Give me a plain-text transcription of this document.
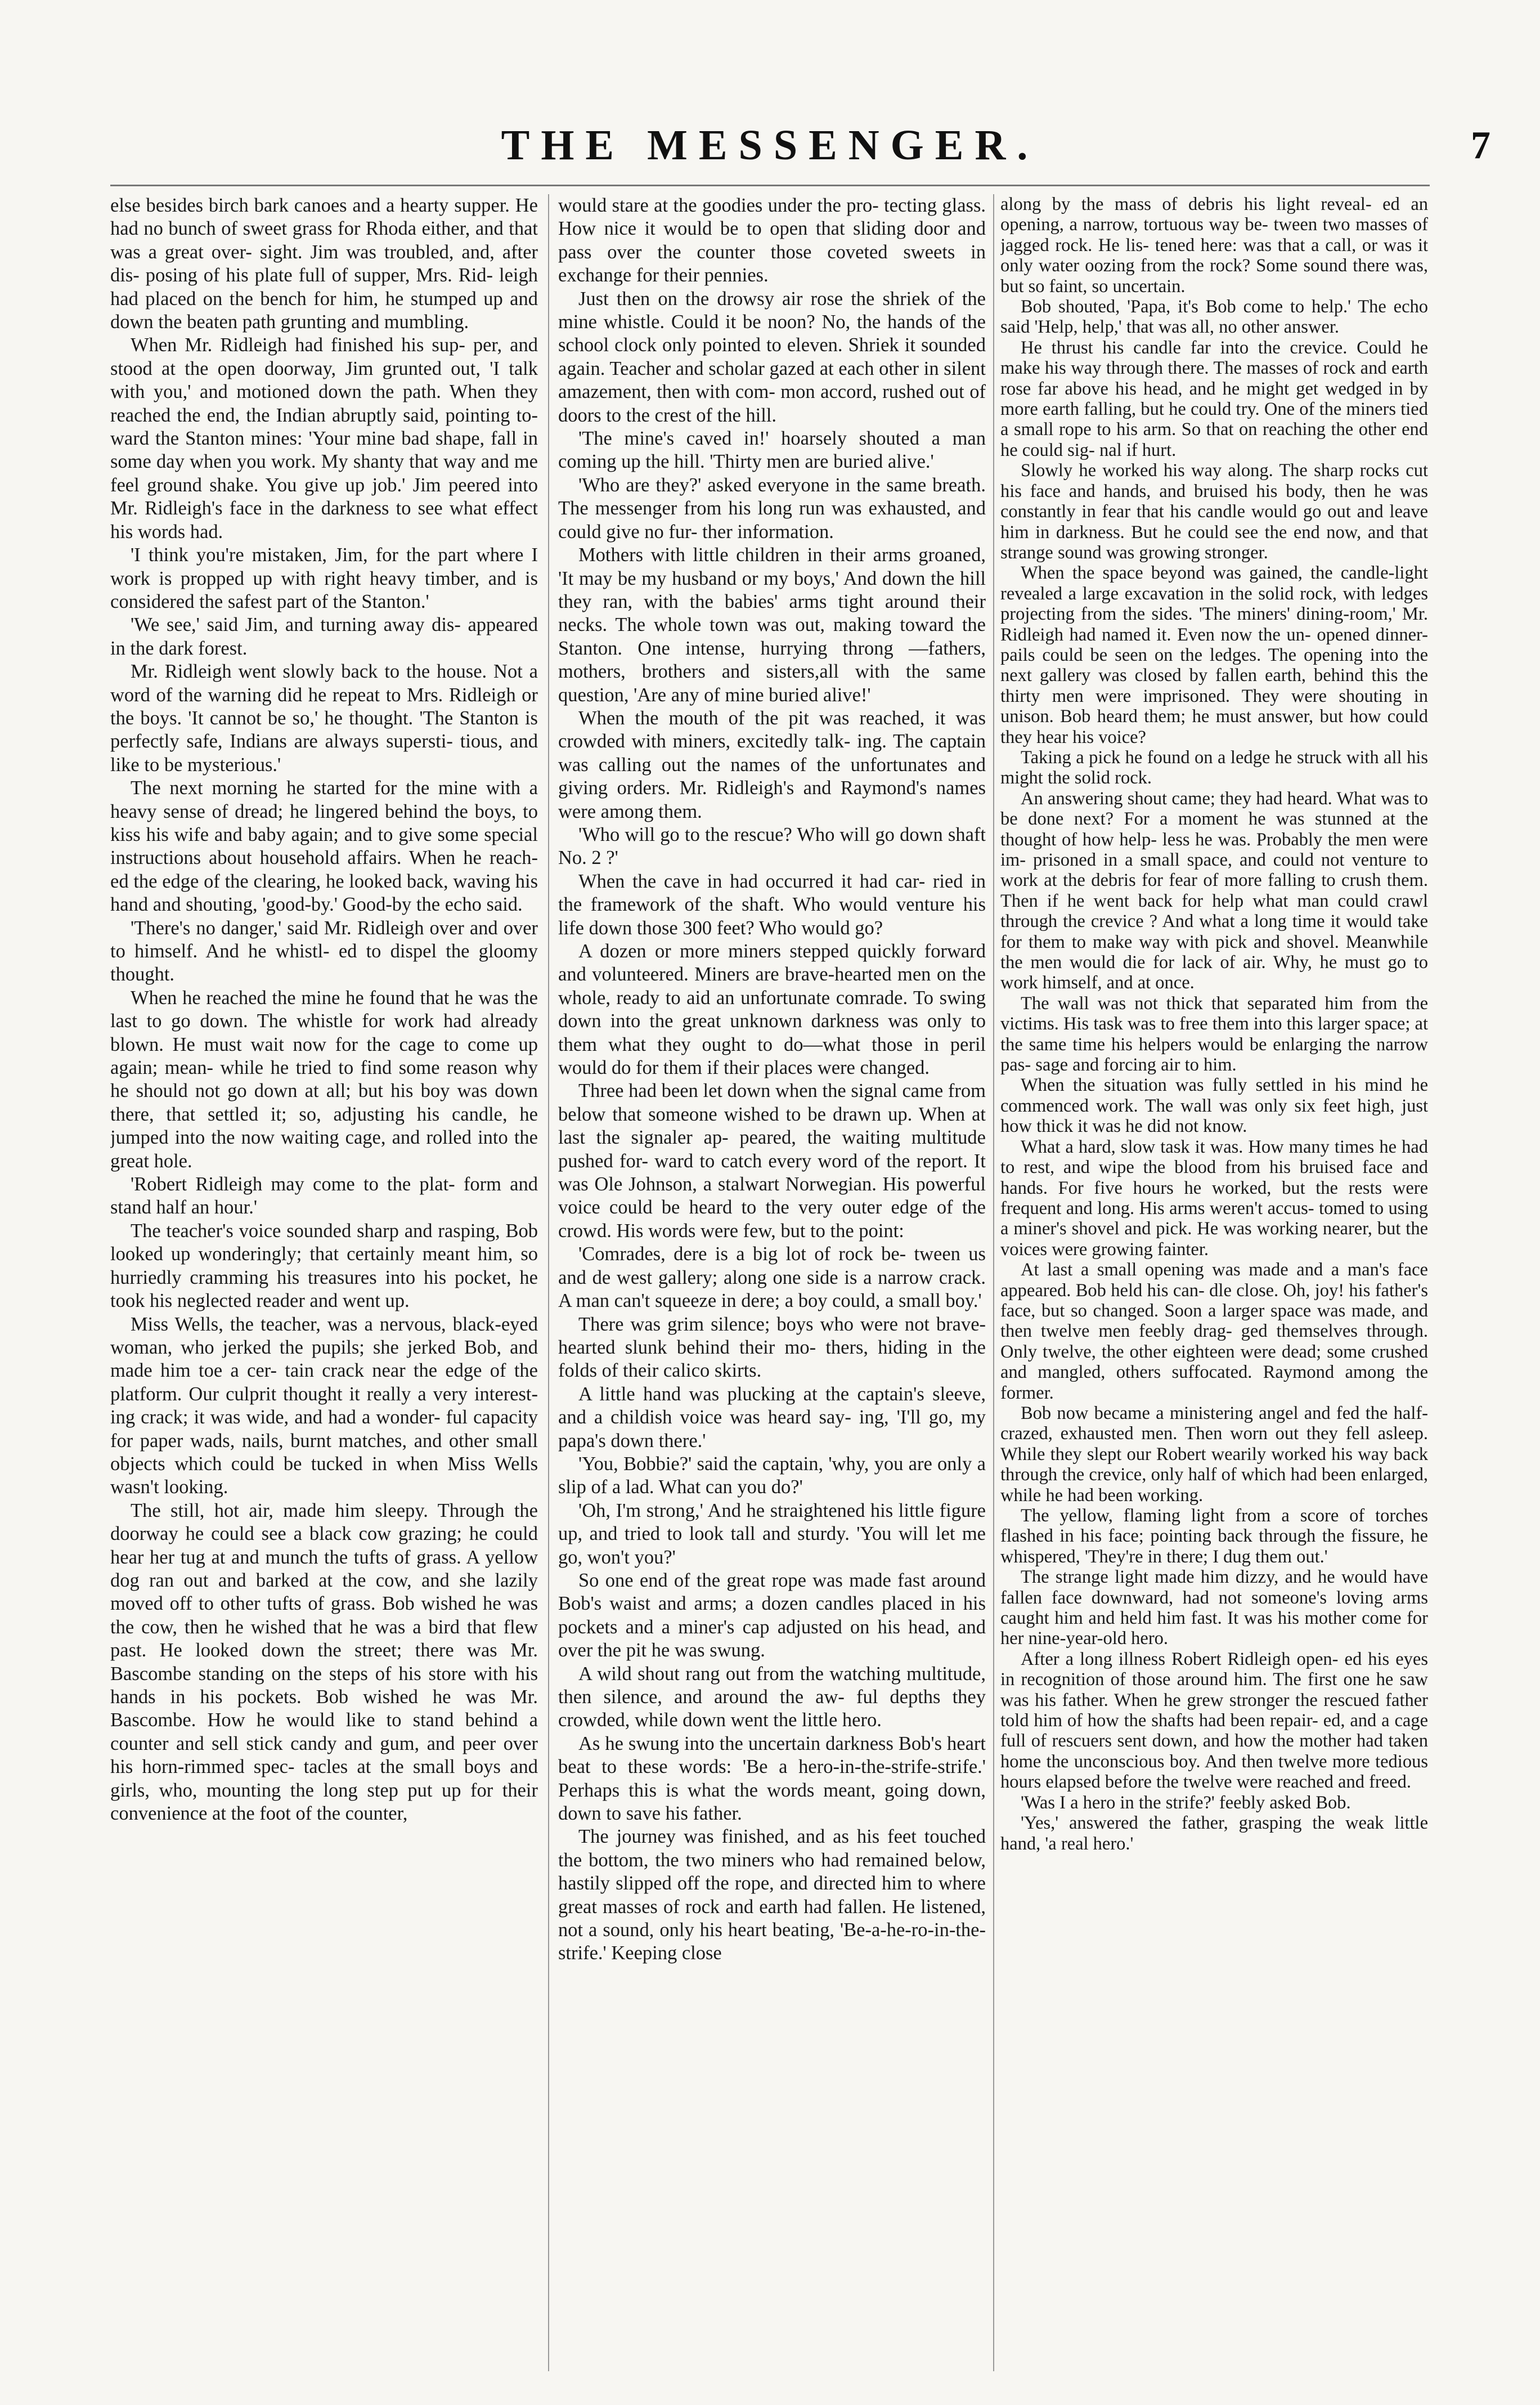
THE MESSENGER.	7

else besides birch bark canoes and a hearty supper. He had no bunch of sweet grass for Rhoda either, and that was a great over- sight. Jim was troubled, and, after dis- posing of his plate full of supper, Mrs. Rid- leigh had placed on the bench for him, he stumped up and down the beaten path grunting and mumbling.

When Mr. Ridleigh had finished his sup- per, and stood at the open doorway, Jim grunted out, 'I talk with you,' and motioned down the path. When they reached the end, the Indian abruptly said, pointing to- ward the Stanton mines: 'Your mine bad shape, fall in some day when you work. My shanty that way and me feel ground shake. You give up job.' Jim peered into Mr. Ridleigh's face in the darkness to see what effect his words had.

'I think you're mistaken, Jim, for the part where I work is propped up with right heavy timber, and is considered the safest part of the Stanton.'

'We see,' said Jim, and turning away dis- appeared in the dark forest.

Mr. Ridleigh went slowly back to the house. Not a word of the warning did he repeat to Mrs. Ridleigh or the boys. 'It cannot be so,' he thought. 'The Stanton is perfectly safe, Indians are always supersti- tious, and like to be mysterious.'

The next morning he started for the mine with a heavy sense of dread; he lingered behind the boys, to kiss his wife and baby again; and to give some special instructions about household affairs. When he reach- ed the edge of the clearing, he looked back, waving his hand and shouting, 'good-by.' Good-by the echo said.

'There's no danger,' said Mr. Ridleigh over and over to himself. And he whistl- ed to dispel the gloomy thought.

When he reached the mine he found that he was the last to go down. The whistle for work had already blown. He must wait now for the cage to come up again; mean- while he tried to find some reason why he should not go down at all; but his boy was down there, that settled it; so, adjusting his candle, he jumped into the now waiting cage, and rolled into the great hole.

'Robert Ridleigh may come to the plat- form and stand half an hour.'

The teacher's voice sounded sharp and rasping, Bob looked up wonderingly; that certainly meant him, so hurriedly cramming his treasures into his pocket, he took his neglected reader and went up.

Miss Wells, the teacher, was a nervous, black-eyed woman, who jerked the pupils; she jerked Bob, and made him toe a cer- tain crack near the edge of the platform. Our culprit thought it really a very interest- ing crack; it was wide, and had a wonder- ful capacity for paper wads, nails, burnt matches, and other small objects which could be tucked in when Miss Wells wasn't looking.

The still, hot air, made him sleepy. Through the doorway he could see a black cow grazing; he could hear her tug at and munch the tufts of grass. A yellow dog ran out and barked at the cow, and she lazily moved off to other tufts of grass. Bob wished he was the cow, then he wished that he was a bird that flew past. He looked down the street; there was Mr. Bascombe standing on the steps of his store with his hands in his pockets. Bob wished he was Mr. Bascombe. How he would like to stand behind a counter and sell stick candy and gum, and peer over his horn-rimmed spec- tacles at the small boys and girls, who, mounting the long step put up for their convenience at the foot of the counter,

would stare at the goodies under the pro- tecting glass. How nice it would be to open that sliding door and pass over the counter those coveted sweets in exchange for their pennies.

Just then on the drowsy air rose the shriek of the mine whistle. Could it be noon? No, the hands of the school clock only pointed to eleven. Shriek it sounded again. Teacher and scholar gazed at each other in silent amazement, then with com- mon accord, rushed out of doors to the crest of the hill.

'The mine's caved in!' hoarsely shouted a man coming up the hill. 'Thirty men are buried alive.'

'Who are they?' asked everyone in the same breath. The messenger from his long run was exhausted, and could give no fur- ther information.

Mothers with little children in their arms groaned, 'It may be my husband or my boys,' And down the hill they ran, with the babies' arms tight around their necks. The whole town was out, making toward the Stanton. One intense, hurrying throng —fathers, mothers, brothers and sisters,all with the same question, 'Are any of mine buried alive!'

When the mouth of the pit was reached, it was crowded with miners, excitedly talk- ing. The captain was calling out the names of the unfortunates and giving orders. Mr. Ridleigh's and Raymond's names were among them.

'Who will go to the rescue? Who will go down shaft No. 2 ?'

When the cave in had occurred it had car- ried in the framework of the shaft. Who would venture his life down those 300 feet? Who would go?

A dozen or more miners stepped quickly forward and volunteered. Miners are brave-hearted men on the whole, ready to aid an unfortunate comrade. To swing down into the great unknown darkness was only to them what they ought to do—what those in peril would do for them if their places were changed.

Three had been let down when the signal came from below that someone wished to be drawn up. When at last the signaler ap- peared, the waiting multitude pushed for- ward to catch every word of the report. It was Ole Johnson, a stalwart Norwegian. His powerful voice could be heard to the very outer edge of the crowd. His words were few, but to the point:

'Comrades, dere is a big lot of rock be- tween us and de west gallery; along one side is a narrow crack. A man can't squeeze in dere; a boy could, a small boy.'

There was grim silence; boys who were not brave-hearted slunk behind their mo- thers, hiding in the folds of their calico skirts.

A little hand was plucking at the captain's sleeve, and a childish voice was heard say- ing, 'I'll go, my papa's down there.'

'You, Bobbie?' said the captain, 'why, you are only a slip of a lad. What can you do?'

'Oh, I'm strong,' And he straightened his little figure up, and tried to look tall and sturdy. 'You will let me go, won't you?'

So one end of the great rope was made fast around Bob's waist and arms; a dozen candles placed in his pockets and a miner's cap adjusted on his head, and over the pit he was swung.

A wild shout rang out from the watching multitude, then silence, and around the aw- ful depths they crowded, while down went the little hero.

As he swung into the uncertain darkness Bob's heart beat to these words: 'Be a hero-in-the-strife-strife.' Perhaps this is what the words meant, going down, down to save his father.

The journey was finished, and as his feet touched the bottom, the two miners who had remained below, hastily slipped off the rope, and directed him to where great masses of rock and earth had fallen. He listened, not a sound, only his heart beating, 'Be-a-he-ro-in-the-strife.' Keeping close

along by the mass of debris his light reveal- ed an opening, a narrow, tortuous way be- tween two masses of jagged rock. He lis- tened here: was that a call, or was it only water oozing from the rock? Some sound there was, but so faint, so uncertain.

Bob shouted, 'Papa, it's Bob come to help.' The echo said 'Help, help,' that was all, no other answer.

He thrust his candle far into the crevice. Could he make his way through there. The masses of rock and earth rose far above his head, and he might get wedged in by more earth falling, but he could try. One of the miners tied a small rope to his arm. So that on reaching the other end he could sig- nal if hurt.

Slowly he worked his way along. The sharp rocks cut his face and hands, and bruised his body, then he was constantly in fear that his candle would go out and leave him in darkness. But he could see the end now, and that strange sound was growing stronger.

When the space beyond was gained, the candle-light revealed a large excavation in the solid rock, with ledges projecting from the sides. 'The miners' dining-room,' Mr. Ridleigh had named it. Even now the un- opened dinner-pails could be seen on the ledges. The opening into the next gallery was closed by fallen earth, behind this the thirty men were imprisoned. They were shouting in unison. Bob heard them; he must answer, but how could they hear his voice?

Taking a pick he found on a ledge he struck with all his might the solid rock.

An answering shout came; they had heard. What was to be done next? For a moment he was stunned at the thought of how help- less he was. Probably the men were im- prisoned in a small space, and could not venture to work at the debris for fear of more falling to crush them. Then if he went back for help what man could crawl through the crevice ? And what a long time it would take for them to make way with pick and shovel. Meanwhile the men would die for lack of air. Why, he must go to work himself, and at once.

The wall was not thick that separated him from the victims. His task was to free them into this larger space; at the same time his helpers would be enlarging the narrow pas- sage and forcing air to him.

When the situation was fully settled in his mind he commenced work. The wall was only six feet high, just how thick it was he did not know.

What a hard, slow task it was. How many times he had to rest, and wipe the blood from his bruised face and hands. For five hours he worked, but the rests were frequent and long. His arms weren't accus- tomed to using a miner's shovel and pick. He was working nearer, but the voices were growing fainter.

At last a small opening was made and a man's face appeared. Bob held his can- dle close. Oh, joy! his father's face, but so changed. Soon a larger space was made, and then twelve men feebly drag- ged themselves through. Only twelve, the other eighteen were dead; some crushed and mangled, others suffocated. Raymond among the former.

Bob now became a ministering angel and fed the half-crazed, exhausted men. Then worn out they fell asleep. While they slept our Robert wearily worked his way back through the crevice, only half of which had been enlarged, while he had been working.

The yellow, flaming light from a score of torches flashed in his face; pointing back through the fissure, he whispered, 'They're in there; I dug them out.'

The strange light made him dizzy, and he would have fallen face downward, had not someone's loving arms caught him and held him fast. It was his mother come for her nine-year-old hero.

After a long illness Robert Ridleigh open- ed his eyes in recognition of those around him. The first one he saw was his father. When he grew stronger the rescued father told him of how the shafts had been repair- ed, and a cage full of rescuers sent down, and how the mother had taken home the unconscious boy. And then twelve more tedious hours elapsed before the twelve were reached and freed.

'Was I a hero in the strife?' feebly asked Bob.

'Yes,' answered the father, grasping the weak little hand, 'a real hero.'
